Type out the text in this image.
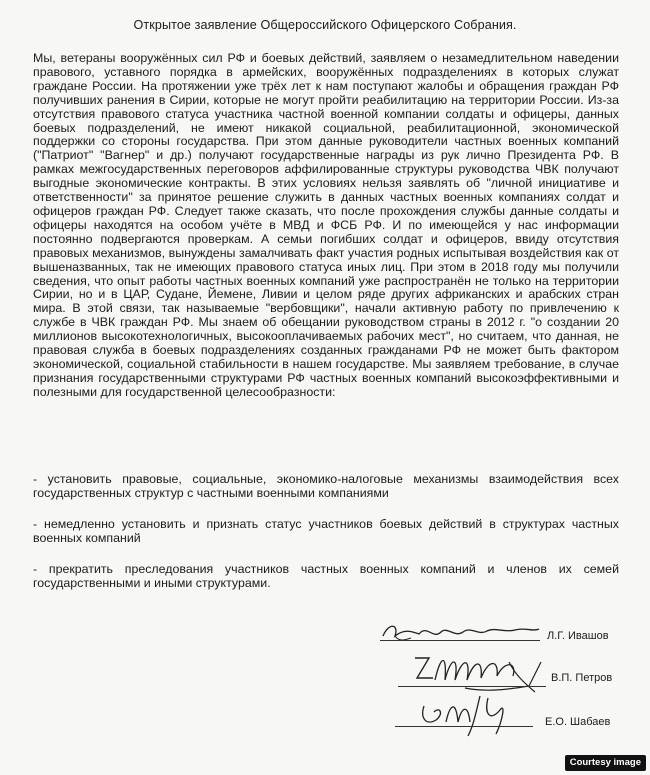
Открытое заявление Общероссийского Офицерского Собрания.

Мы, ветераны вооружённых сил РФ и боевых действий, заявляем о незамедлительном наведении правового, уставного порядка в армейских, вооружённых подразделениях в которых служат граждане России. На протяжении уже трёх лет к нам поступают жалобы и обращения граждан РФ получивших ранения в Сирии, которые не могут пройти реабилитацию на территории России. Из-за отсутствия правового статуса участника частной военной компании солдаты и офицеры, данных боевых подразделений, не имеют никакой социальной, реабилитационной, экономической поддержки со стороны государства. При этом данные руководители частных военных компаний ("Патриот" "Вагнер" и др.) получают государственные награды из рук лично Президента РФ. В рамках межгосударственных переговоров аффилированные структуры руководства ЧВК получают выгодные экономические контракты. В этих условиях нельзя заявлять об "личной инициативе и ответственности" за принятое решение служить в данных частных военных компаниях солдат и офицеров граждан РФ. Следует также сказать, что после прохождения службы данные солдаты и офицеры находятся на особом учёте в МВД и ФСБ РФ. И по имеющейся у нас информации постоянно подвергаются проверкам. А семьи погибших солдат и офицеров, ввиду отсутствия правовых механизмов, вынуждены замалчивать факт участия родных испытывая воздействия как от вышеназванных, так не имеющих правового статуса иных лиц. При этом в 2018 году мы получили сведения, что опыт работы частных военных компаний уже распространён не только на территории Сирии, но и в ЦАР, Судане, Йемене, Ливии и целом ряде других африканских и арабских стран мира. В этой связи, так называемые "вербовщики", начали активную работу по привлечению к службе в ЧВК граждан РФ. Мы знаем об обещании руководством страны в 2012 г. "о создании 20 миллионов высокотехнологичных, высокооплачиваемых рабочих мест", но считаем, что данная, не правовая служба в боевых подразделениях созданных гражданами РФ не может быть фактором экономической, социальной стабильности в нашем государстве. Мы заявляем требование, в случае признания государственными структурами РФ частных военных компаний высокоэффективными и полезными для государственной целесообразности:

- установить правовые, социальные, экономико-налоговые механизмы взаимодействия всех государственных структур с частными военными компаниями

- немедленно установить и признать статус участников боевых действий в структурах частных военных компаний

- прекратить преследования участников частных военных компаний и членов их семей государственными и иными структурами.

Л.Г. Ивашов
В.П. Петров
Е.О. Шабаев
Courtesy image
